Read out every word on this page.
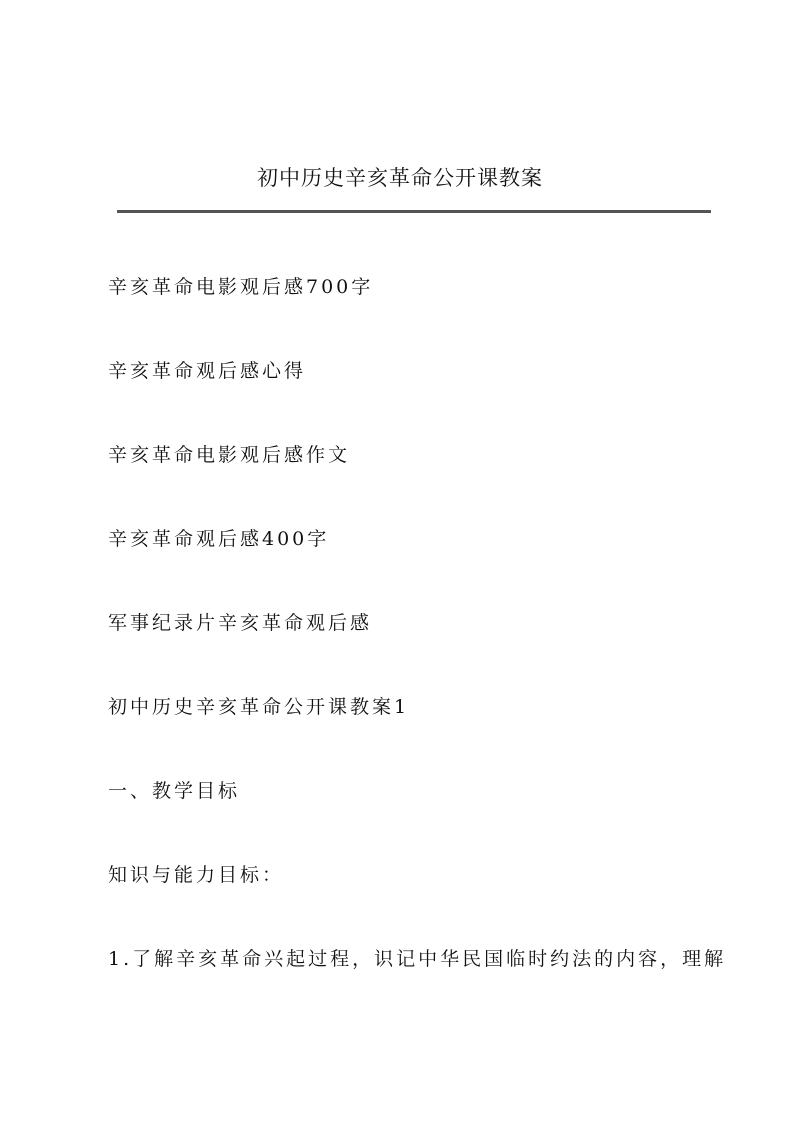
初中历史辛亥革命公开课教案

辛亥革命电影观后感700字

辛亥革命观后感心得

辛亥革命电影观后感作文

辛亥革命观后感400字

军事纪录片辛亥革命观后感

初中历史辛亥革命公开课教案1

一、教学目标

知识与能力目标：

1.了解辛亥革命兴起过程，识记中华民国临时约法的内容，理解
